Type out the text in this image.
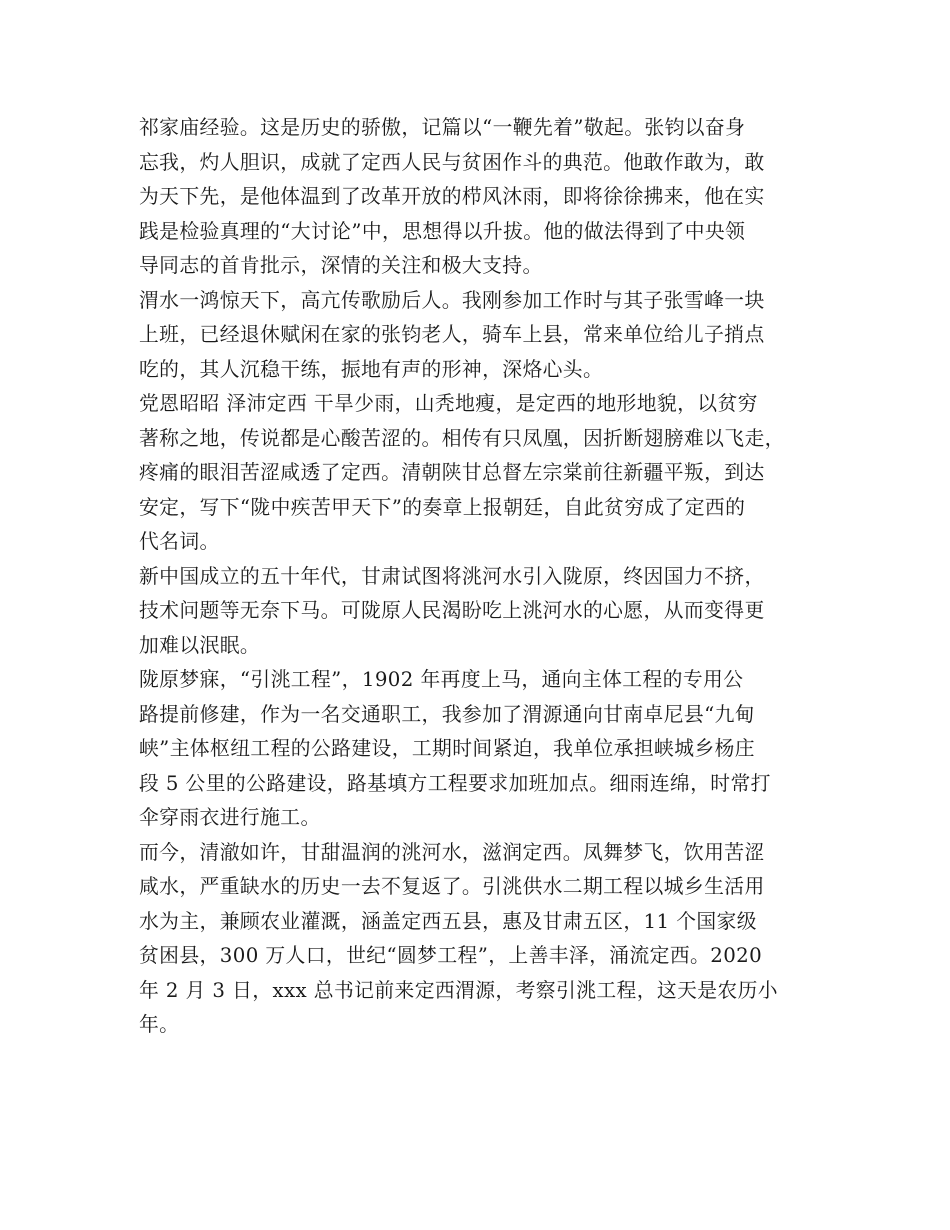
祁家庙经验。这是历史的骄傲，记篇以“一鞭先着”敬起。张钧以奋身
忘我，灼人胆识，成就了定西人民与贫困作斗的典范。他敢作敢为，敢
为天下先，是他体温到了改革开放的栉风沐雨，即将徐徐拂来，他在实
践是检验真理的“大讨论”中，思想得以升拔。他的做法得到了中央领
导同志的首肯批示，深情的关注和极大支持。

渭水一鸿惊天下，高亢传歌励后人。我刚参加工作时与其子张雪峰一块
上班，已经退休赋闲在家的张钧老人，骑车上县，常来单位给儿子捎点
吃的，其人沉稳干练，振地有声的形神，深烙心头。

党恩昭昭 泽沛定西 干旱少雨，山秃地瘦，是定西的地形地貌，以贫穷
著称之地，传说都是心酸苦涩的。相传有只凤凰，因折断翅膀难以飞走，
疼痛的眼泪苦涩咸透了定西。清朝陕甘总督左宗棠前往新疆平叛，到达
安定，写下“陇中疾苦甲天下”的奏章上报朝廷，自此贫穷成了定西的
代名词。

新中国成立的五十年代，甘肃试图将洮河水引入陇原，终因国力不挤，
技术问题等无奈下马。可陇原人民渴盼吃上洮河水的心愿，从而变得更
加难以泯眠。

陇原梦寐，“引洮工程”，1902 年再度上马，通向主体工程的专用公
路提前修建，作为一名交通职工，我参加了渭源通向甘南卓尼县“九甸
峡”主体枢纽工程的公路建设，工期时间紧迫，我单位承担峡城乡杨庄
段 5 公里的公路建设，路基填方工程要求加班加点。细雨连绵，时常打
伞穿雨衣进行施工。

而今，清澈如许，甘甜温润的洮河水，滋润定西。凤舞梦飞，饮用苦涩
咸水，严重缺水的历史一去不复返了。引洮供水二期工程以城乡生活用
水为主，兼顾农业灌溉，涵盖定西五县，惠及甘肃五区，11 个国家级
贫困县，300 万人口，世纪“圆梦工程”，上善丰泽，涌流定西。2020
年 2 月 3 日，xxx 总书记前来定西渭源，考察引洮工程，这天是农历小
年。
